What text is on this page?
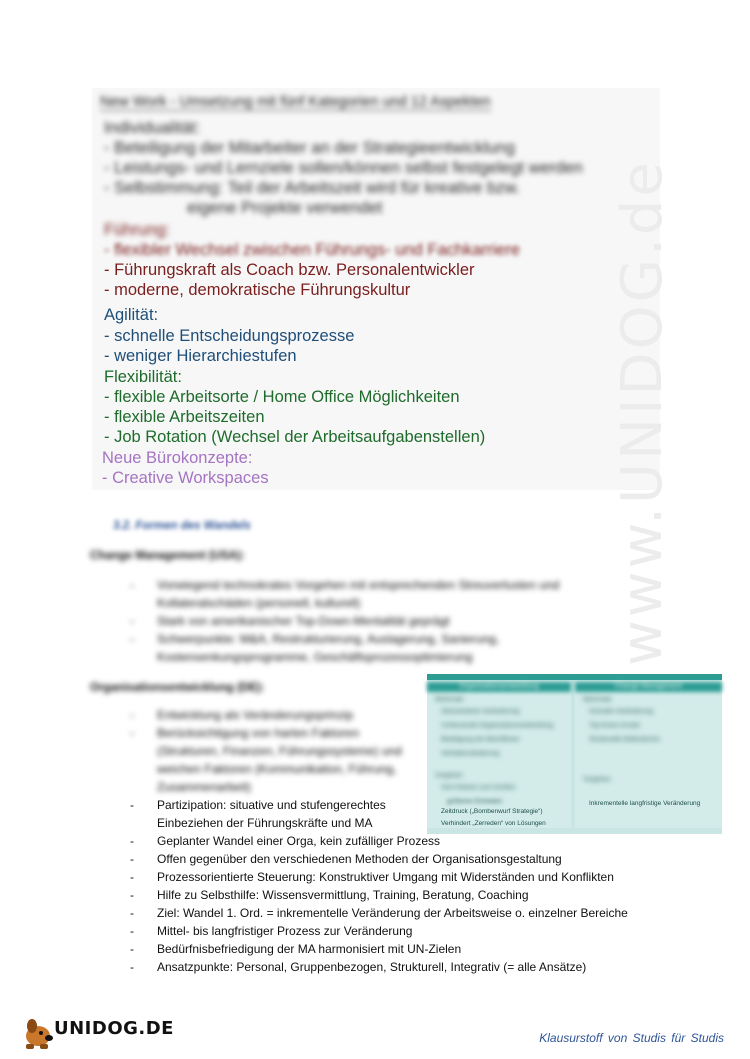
New Work - Umsetzung mit fünf Kategorien und 12 Aspekten
Individualität:
- Beteiligung der Mitarbeiter an der Strategieentwicklung
- Leistungs- und Lernziele sollen/können selbst festgelegt werden
- Selbstimmung: Teil der Arbeitszeit wird für kreative bzw.
eigene Projekte verwendet
Führung:
- flexibler Wechsel zwischen Führungs- und Fachkarriere
- Führungskraft als Coach bzw. Personalentwickler
- moderne, demokratische Führungskultur
Agilität:
- schnelle Entscheidungsprozesse
- weniger Hierarchiestufen
Flexibilität:
- flexible Arbeitsorte / Home Office Möglichkeiten
- flexible Arbeitszeiten
- Job Rotation (Wechsel der Arbeitsaufgabenstellen)
Neue Bürokonzepte:
- Creative Workspaces	www.UNIDOG.de
3.2. Formen des Wandels
Change Management (USA):
- Vorwiegend technokrates Vorgehen mit entsprechenden Streuverlusten und
Kollateralschäden (personell, kulturell)
- Stark von amerikanischer Top-Down-Mentalität geprägt
- Schwerpunkte: M&A, Restrukturierung, Auslagerung, Sanierung,
Kostensenkungsprogramme, Geschäftsprozessoptimierung
Organisationsentwicklung (DE):
- Entwicklung als Veränderungsprinzip
- Berücksichtigung von harten Faktoren
(Strukturen, Finanzen, Führungssysteme) und
weichen Faktoren (Kommunikation, Führung,
Zusammenarbeit)
- Partizipation: situative und stufengerechtes
Einbeziehen der Führungskräfte und MA
- Geplanter Wandel einer Orga, kein zufälliger Prozess
- Offen gegenüber den verschiedenen Methoden der Organisationsgestaltung
- Prozessorientierte Steuerung: Konstruktiver Umgang mit Widerständen und Konflikten
- Hilfe zu Selbsthilfe: Wissensvermittlung, Training, Beratung, Coaching
- Ziel: Wandel 1. Ord. = inkrementelle Veränderung der Arbeitsweise o. einzelner Bereiche
- Mittel- bis langfristiger Prozess zur Veränderung
- Bedürfnisbefriedigung der MA harmonisiert mit UN-Zielen
- Ansatzpunkte: Personal, Gruppenbezogen, Strukturell, Integrativ (= alle Ansätze)
Organisationsentwicklung
Merkmale
Zielorientierte Veränderung
Umfassende Organisationsentwicklung
Beteiligung der Betroffenen
Verhaltensänderung
Vorgehen
Vom Kleinen zum Großen
größeren Einheiten
Zeitdruck („Bombenwurf Strategie“)
Verhindert „Zerreden“ von Lösungen
Change Management
Merkmale
Schnelle Veränderung
Top-Down-Ansatz
Strukturelle Maßnahmen
Vorgehen
Inkrementelle langfristige Veränderung
UNIDOG.DE	Klausurstoff von Studis für Studis
